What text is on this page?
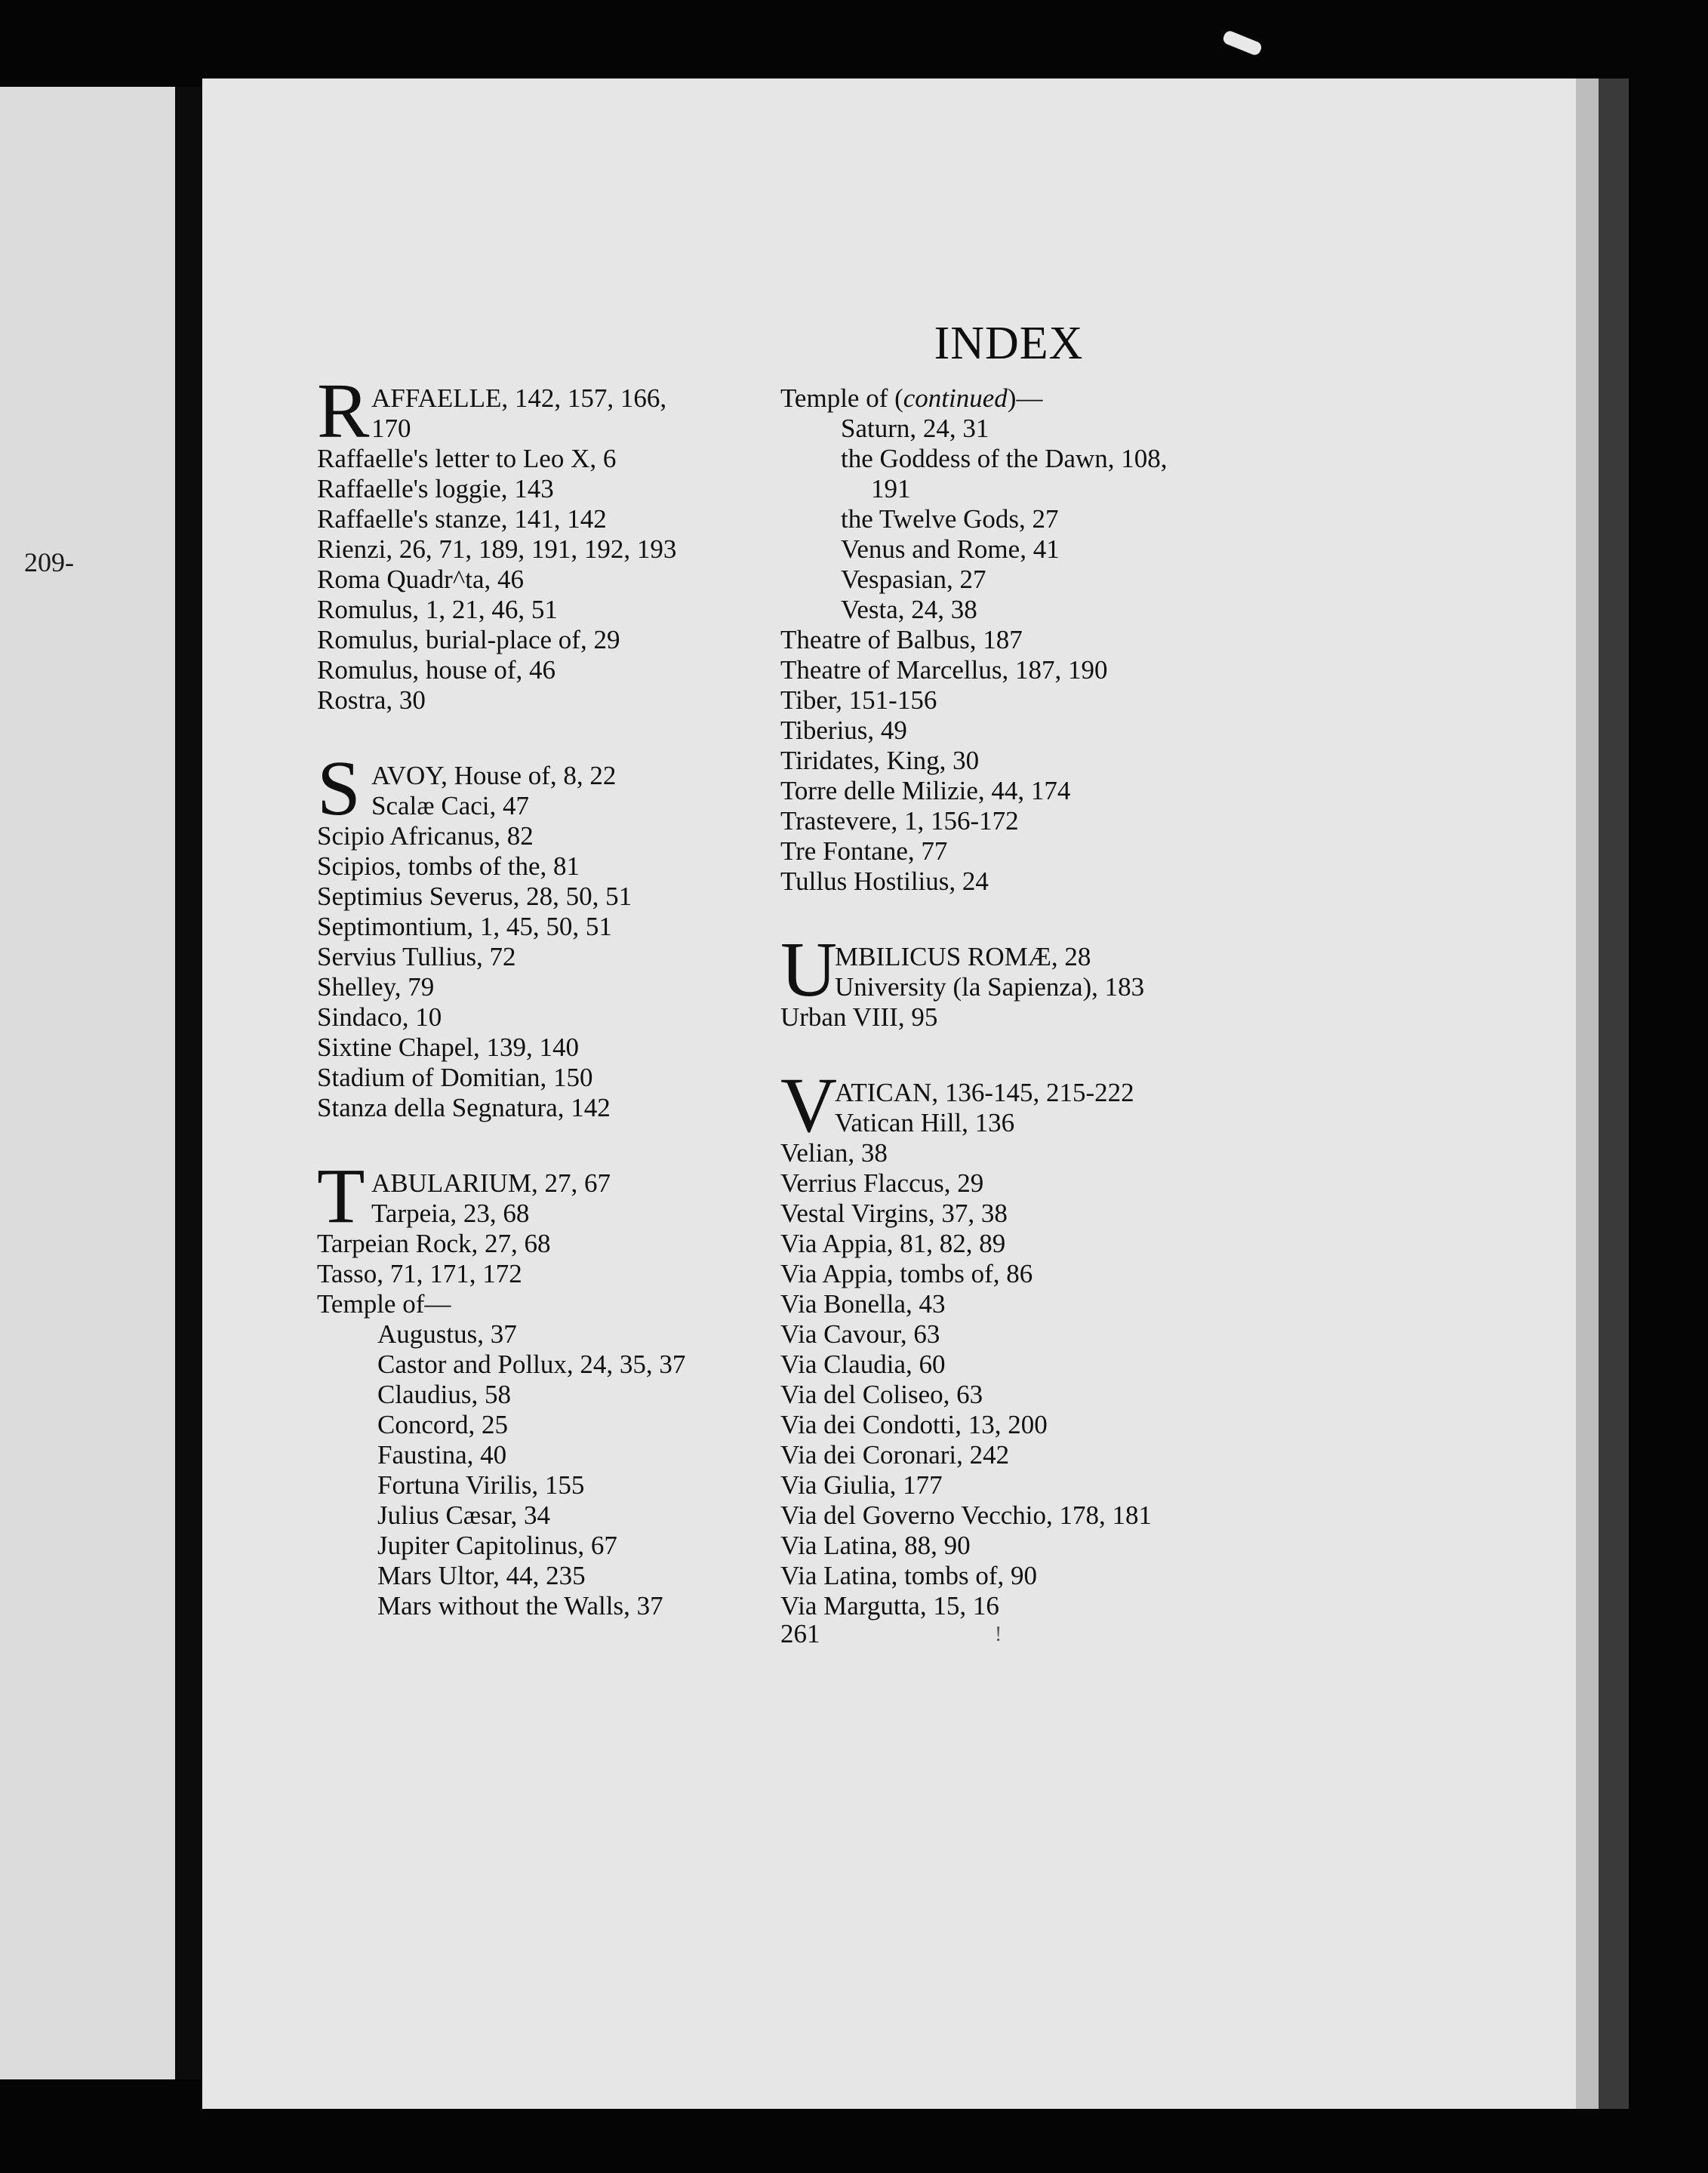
209-
INDEX
R AFFAELLE, 142, 157, 166,
170
Raffaelle's letter to Leo X, 6
Raffaelle's loggie, 143
Raffaelle's stanze, 141, 142
Rienzi, 26, 71, 189, 191, 192, 193
Roma Quadr^ta, 46
Romulus, 1, 21, 46, 51
Romulus, burial-place of, 29
Romulus, house of, 46
Rostra, 30
S AVOY, House of, 8, 22
Scalæ Caci, 47
Scipio Africanus, 82
Scipios, tombs of the, 81
Septimius Severus, 28, 50, 51
Septimontium, 1, 45, 50, 51
Servius Tullius, 72
Shelley, 79
Sindaco, 10
Sixtine Chapel, 139, 140
Stadium of Domitian, 150
Stanza della Segnatura, 142
T ABULARIUM, 27, 67
Tarpeia, 23, 68
Tarpeian Rock, 27, 68
Tasso, 71, 171, 172
Temple of—
Augustus, 37
Castor and Pollux, 24, 35, 37
Claudius, 58
Concord, 25
Faustina, 40
Fortuna Virilis, 155
Julius Cæsar, 34
Jupiter Capitolinus, 67
Mars Ultor, 44, 235
Mars without the Walls, 37
Temple of (continued)—
Saturn, 24, 31
the Goddess of the Dawn, 108,
191
the Twelve Gods, 27
Venus and Rome, 41
Vespasian, 27
Vesta, 24, 38
Theatre of Balbus, 187
Theatre of Marcellus, 187, 190
Tiber, 151-156
Tiberius, 49
Tiridates, King, 30
Torre delle Milizie, 44, 174
Trastevere, 1, 156-172
Tre Fontane, 77
Tullus Hostilius, 24
U
MBILICUS ROMÆ, 28
University (la Sapienza), 183
Urban VIII, 95
V
ATICAN, 136-145, 215-222
Vatican Hill, 136
Velian, 38
Verrius Flaccus, 29
Vestal Virgins, 37, 38
Via Appia, 81, 82, 89
Via Appia, tombs of, 86
Via Bonella, 43
Via Cavour, 63
Via Claudia, 60
Via del Coliseo, 63
Via dei Condotti, 13, 200
Via dei Coronari, 242
Via Giulia, 177
Via del Governo Vecchio, 178, 181
Via Latina, 88, 90
Via Latina, tombs of, 90
Via Margutta, 15, 16
261	!
